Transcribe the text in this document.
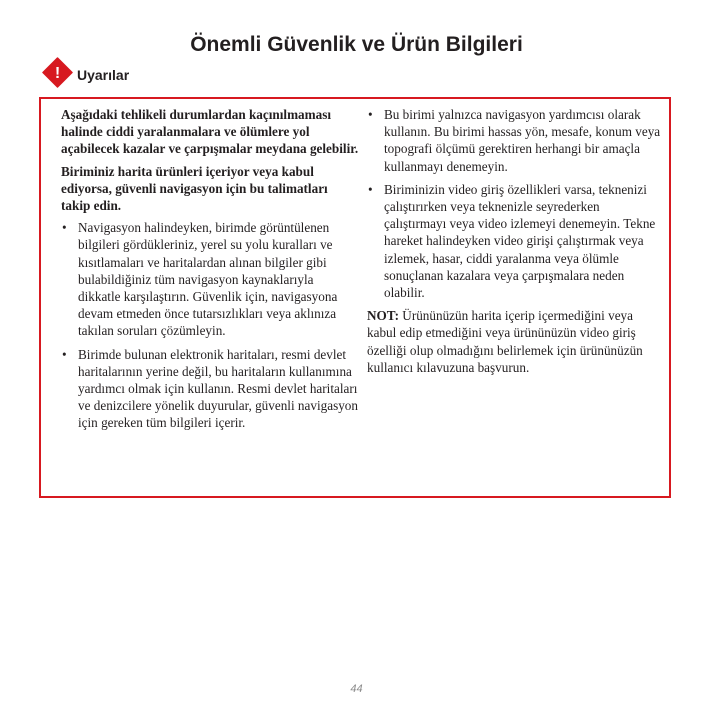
Önemli Güvenlik ve Ürün Bilgileri
! Uyarılar

Aşağıdaki tehlikeli durumlardan kaçınılmaması halinde ciddi yaralanmalara ve ölümlere yol açabilecek kazalar ve çarpışmalar meydana gelebilir.

Biriminiz harita ürünleri içeriyor veya kabul ediyorsa, güvenli navigasyon için bu talimatları takip edin.

• Navigasyon halindeyken, birimde görüntülenen bilgileri gördükleriniz, yerel su yolu kuralları ve kısıtlamaları ve haritalardan alınan bilgiler gibi bulabildiğiniz tüm navigasyon kaynaklarıyla dikkatle karşılaştırın. Güvenlik için, navigasyona devam etmeden önce tutarsızlıkları veya aklınıza takılan soruları çözümleyin.
• Birimde bulunan elektronik haritaları, resmi devlet haritalarının yerine değil, bu haritaların kullanımına yardımcı olmak için kullanın. Resmi devlet haritaları ve denizcilere yönelik duyurular, güvenli navigasyon için gereken tüm bilgileri içerir.
• Bu birimi yalnızca navigasyon yardımcısı olarak kullanın. Bu birimi hassas yön, mesafe, konum veya topografi ölçümü gerektiren herhangi bir amaçla kullanmayı denemeyin.
• Biriminizin video giriş özellikleri varsa, teknenizi çalıştırırken veya teknenizle seyrederken çalıştırmayı veya video izlemeyi denemeyin. Tekne hareket halindeyken video girişi çalıştırmak veya izlemek, hasar, ciddi yaralanma veya ölümle sonuçlanan kazalara veya çarpışmalara neden olabilir.

NOT: Ürününüzün harita içerip içermediğini veya kabul edip etmediğini veya ürününüzün video giriş özelliği olup olmadığını belirlemek için ürününüzün kullanıcı kılavuzuna başvurun.

44
